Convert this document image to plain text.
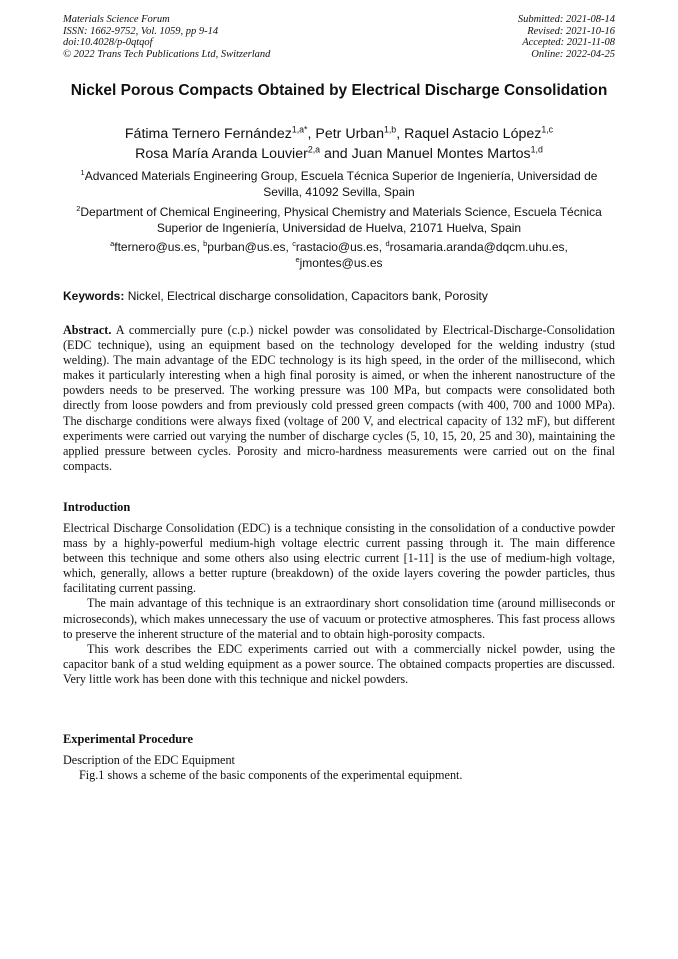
Materials Science Forum
ISSN: 1662-9752, Vol. 1059, pp 9-14
doi:10.4028/p-0qtqof
© 2022 Trans Tech Publications Ltd, Switzerland
Submitted: 2021-08-14
Revised: 2021-10-16
Accepted: 2021-11-08
Online: 2022-04-25
Nickel Porous Compacts Obtained by Electrical Discharge Consolidation
Fátima Ternero Fernández$^{1,a*}$, Petr Urban$^{1,b}$, Raquel Astacio López$^{1,c}$
Rosa María Aranda Louvier$^{2,a}$ and Juan Manuel Montes Martos$^{1,d}$
$^1$Advanced Materials Engineering Group, Escuela Técnica Superior de Ingeniería, Universidad de Sevilla, 41092 Sevilla, Spain
$^2$Department of Chemical Engineering, Physical Chemistry and Materials Science, Escuela Técnica Superior de Ingeniería, Universidad de Huelva, 21071 Huelva, Spain
$^a$fternero@us.es, $^b$purban@us.es, $^c$rastacio@us.es, $^d$rosamaria.aranda@dqcm.uhu.es,
$^e$jmontes@us.es
Keywords: Nickel, Electrical discharge consolidation, Capacitors bank, Porosity
Abstract. A commercially pure (c.p.) nickel powder was consolidated by Electrical-Discharge-Consolidation (EDC technique), using an equipment based on the technology developed for the welding industry (stud welding). The main advantage of the EDC technology is its high speed, in the order of the millisecond, which makes it particularly interesting when a high final porosity is aimed, or when the inherent nanostructure of the powders needs to be preserved. The working pressure was 100 MPa, but compacts were consolidated both directly from loose powders and from previously cold pressed green compacts (with 400, 700 and 1000 MPa). The discharge conditions were always fixed (voltage of 200 V, and electrical capacity of 132 mF), but different experiments were carried out varying the number of discharge cycles (5, 10, 15, 20, 25 and 30), maintaining the applied pressure between cycles. Porosity and micro-hardness measurements were carried out on the final compacts.
Introduction

Electrical Discharge Consolidation (EDC) is a technique consisting in the consolidation of a conductive powder mass by a highly-powerful medium-high voltage electric current passing through it. The main difference between this technique and some others also using electric current [1-11] is the use of medium-high voltage, which, generally, allows a better rupture (breakdown) of the oxide layers covering the powder particles, thus facilitating current passing.

The main advantage of this technique is an extraordinary short consolidation time (around milliseconds or microseconds), which makes unnecessary the use of vacuum or protective atmospheres. This fast process allows to preserve the inherent structure of the material and to obtain high-porosity compacts.

This work describes the EDC experiments carried out with a commercially nickel powder, using the capacitor bank of a stud welding equipment as a power source. The obtained compacts properties are discussed. Very little work has been done with this technique and nickel powders.

Experimental Procedure

Description of the EDC Equipment

Fig.1 shows a scheme of the basic components of the experimental equipment.
